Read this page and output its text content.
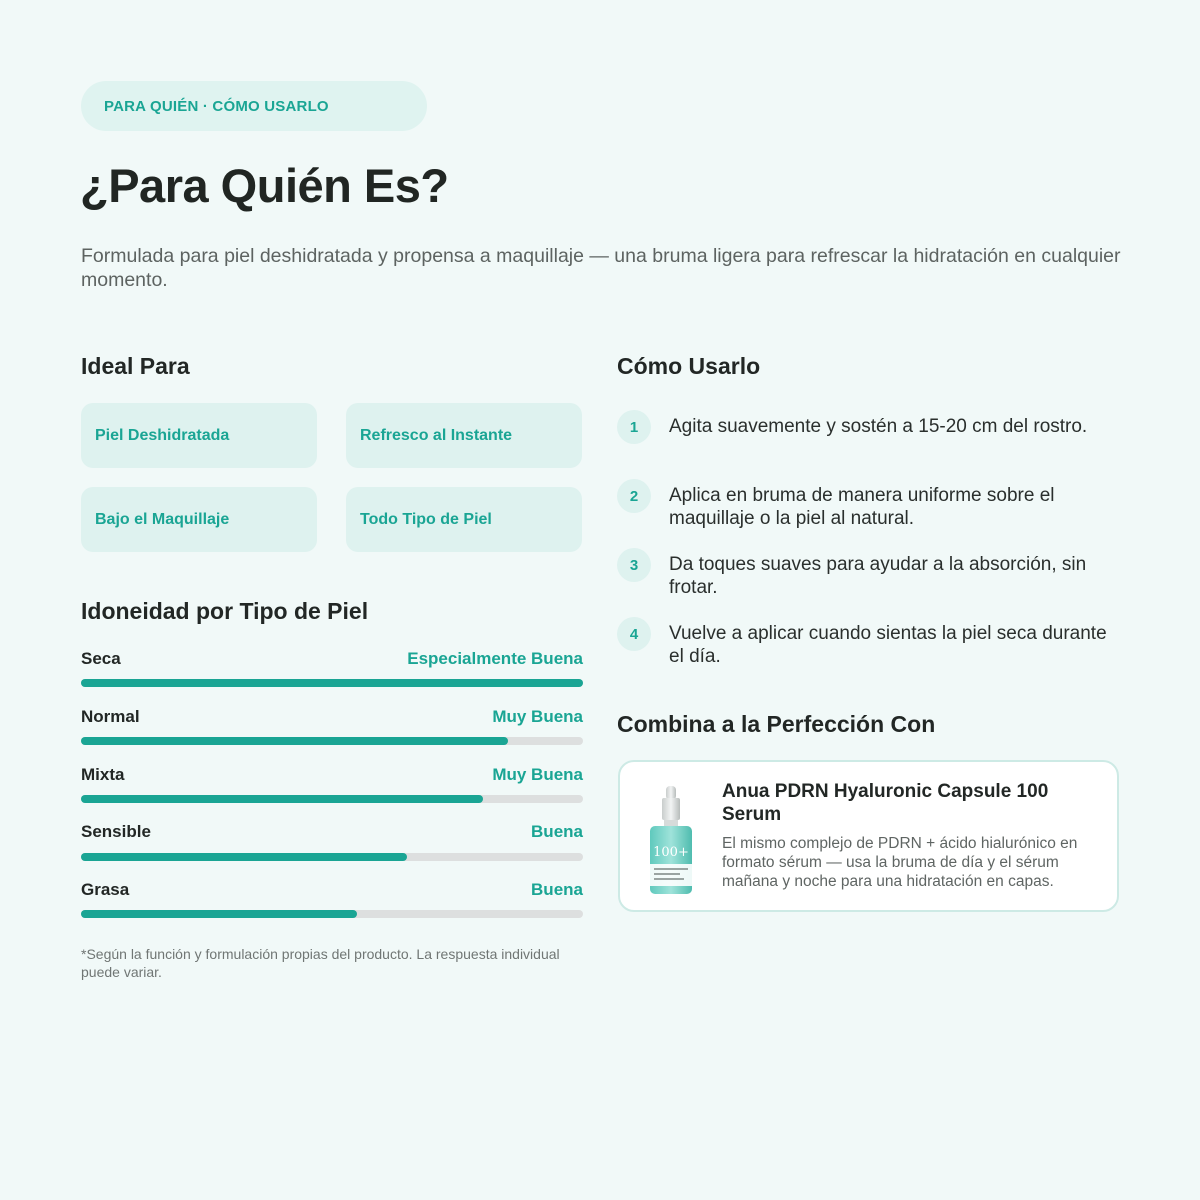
PARA QUIÉN · CÓMO USARLO
¿Para Quién Es?

Formulada para piel deshidratada y propensa a maquillaje — una bruma ligera para refrescar la hidratación en cualquier momento.

Ideal Para
Piel Deshidratada	Refresco al Instante
Bajo el Maquillaje	Todo Tipo de Piel
Idoneidad por Tipo de Piel
Seca	Especialmente Buena
Normal	Muy Buena
Mixta	Muy Buena
Sensible	Buena
Grasa	Buena

*Según la función y formulación propias del producto. La respuesta individual puede variar.

Cómo Usarlo
1	Agita suavemente y sostén a 15-20 cm del rostro.
2	Aplica en bruma de manera uniforme sobre el maquillaje o la piel al natural.
3	Da toques suaves para ayudar a la absorción, sin frotar.
4	Vuelve a aplicar cuando sientas la piel seca durante el día.
Combina a la Perfección Con
100+

Anua PDRN Hyaluronic Capsule 100 Serum

El mismo complejo de PDRN + ácido hialurónico en formato sérum — usa la bruma de día y el sérum mañana y noche para una hidratación en capas.
